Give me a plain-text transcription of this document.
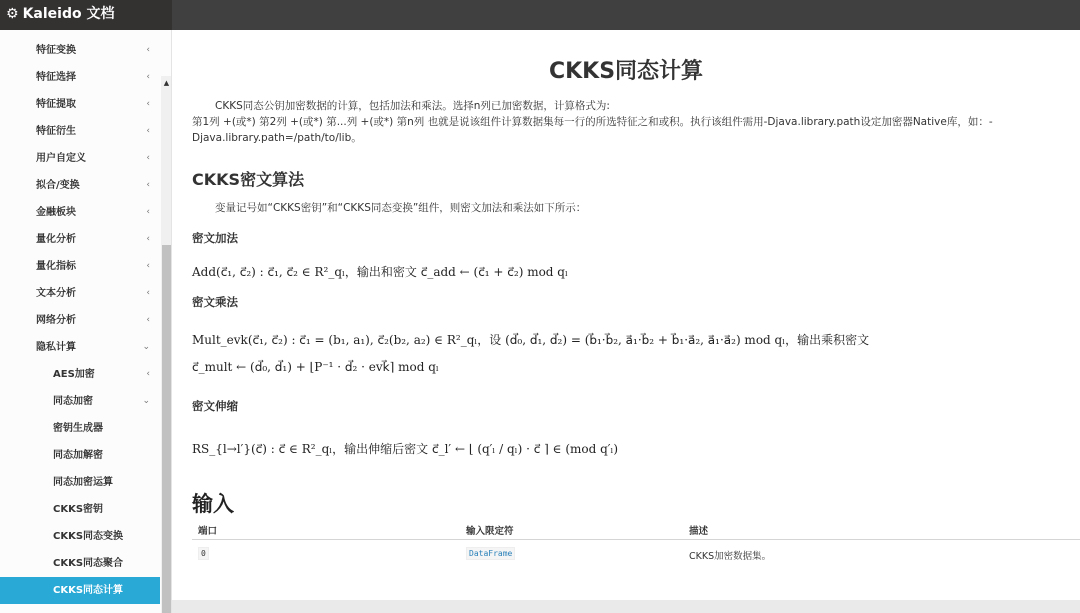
⚙ Kaleido 文档
特征变换	‹
特征选择	‹
特征提取	‹
特征衍生	‹
用户自定义	‹
拟合/变换	‹
金融板块	‹
量化分析	‹
量化指标	‹
文本分析	‹
网络分析	‹
隐私计算	⌄
AES加密	‹
同态加密	⌄
密钥生成器
同态加解密
同态加密运算
CKKS密钥
CKKS同态变换
CKKS同态聚合
CKKS同态计算
▲	CKKS同态计算
CKKS同态公钥加密数据的计算，包括加法和乘法。选择n列已加密数据，计算格式为:
第1列 +(或*) 第2列 +(或*) 第...列 +(或*) 第n列 也就是说该组件计算数据集每一行的所选特征之和或积。执行该组件需用-Djava.library.path设定加密器Native库，如：-
Djava.library.path=/path/to/lib。
CKKS密文算法
变量记号如“CKKS密钥”和“CKKS同态变换”组件，则密文加法和乘法如下所示：
密文加法
Add(c⃗₁, c⃗₂) : c⃗₁, c⃗₂ ∈ R²_qₗ，输出和密文 c⃗_add ← (c⃗₁ + c⃗₂) mod qₗ
密文乘法
Mult_evk(c⃗₁, c⃗₂) : c⃗₁ = (b₁, a₁), c⃗₂(b₂, a₂) ∈ R²_qₗ，设 (d⃗₀, d⃗₁, d⃗₂) = (b⃗₁·b⃗₂, a⃗₁·b⃗₂ + b⃗₁·a⃗₂, a⃗₁·a⃗₂) mod qₗ，输出乘积密文
c⃗_mult ← (d⃗₀, d⃗₁) + ⌊P⁻¹ · d⃗₂ · evk⃗⌉ mod qₗ
密文伸缩
RS_{l→l′}(c⃗) : c⃗ ∈ R²_qₗ，输出伸缩后密文 c⃗_l′ ← ⌊ (q′ₗ / qₗ) · c⃗ ⌉ ∈ (mod q′ₗ)
输入
端口	输入限定符	描述
0	DataFrame	CKKS加密数据集。
